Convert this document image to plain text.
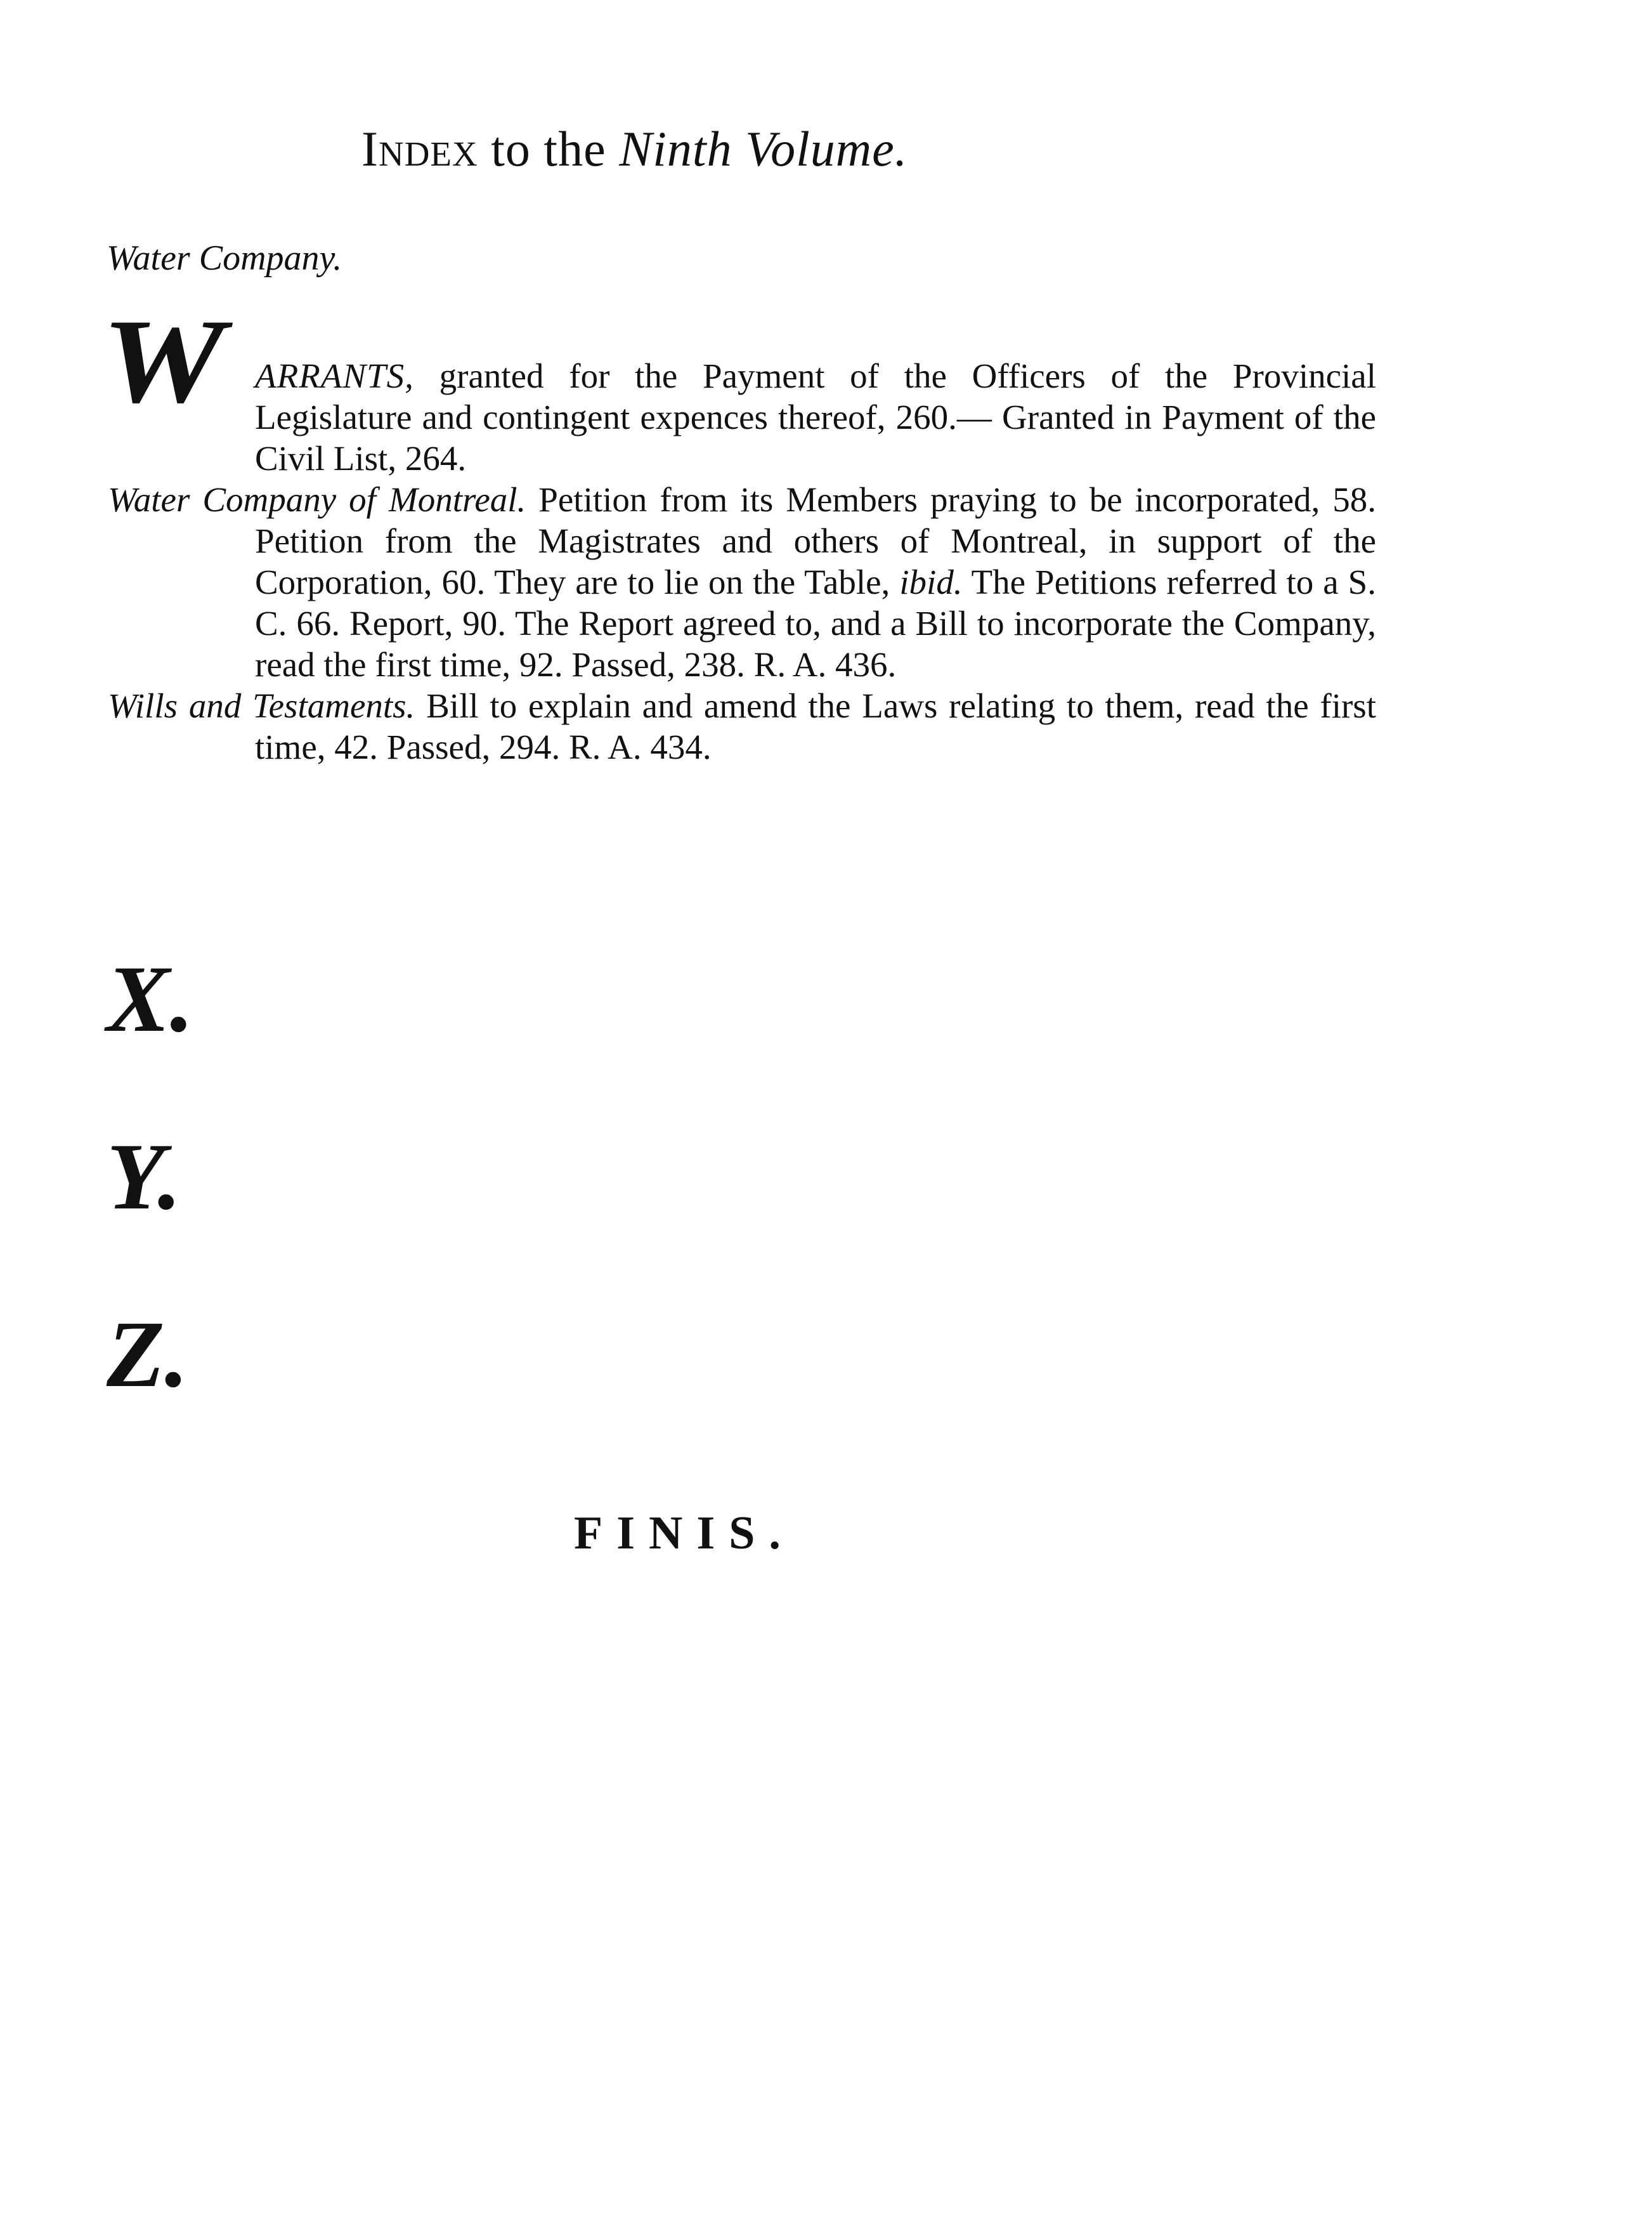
Index to the Ninth Volume.
Water Company.
W ARRANTS, granted for the Payment of the Officers of the Provincial Legislature and contingent expences thereof, 260.— Granted in Payment of the Civil List, 264.

Water Company of Montreal. Petition from its Members praying to be incorporated, 58. Petition from the Magistrates and others of Montreal, in support of the Corporation, 60. They are to lie on the Table, ibid. The Petitions referred to a S. C. 66. Report, 90. The Report agreed to, and a Bill to incorporate the Company, read the first time, 92. Passed, 238. R. A. 436.

Wills and Testaments. Bill to explain and amend the Laws relating to them, read the first time, 42. Passed, 294. R. A. 434.

X.
Y.
Z.
FINIS.
